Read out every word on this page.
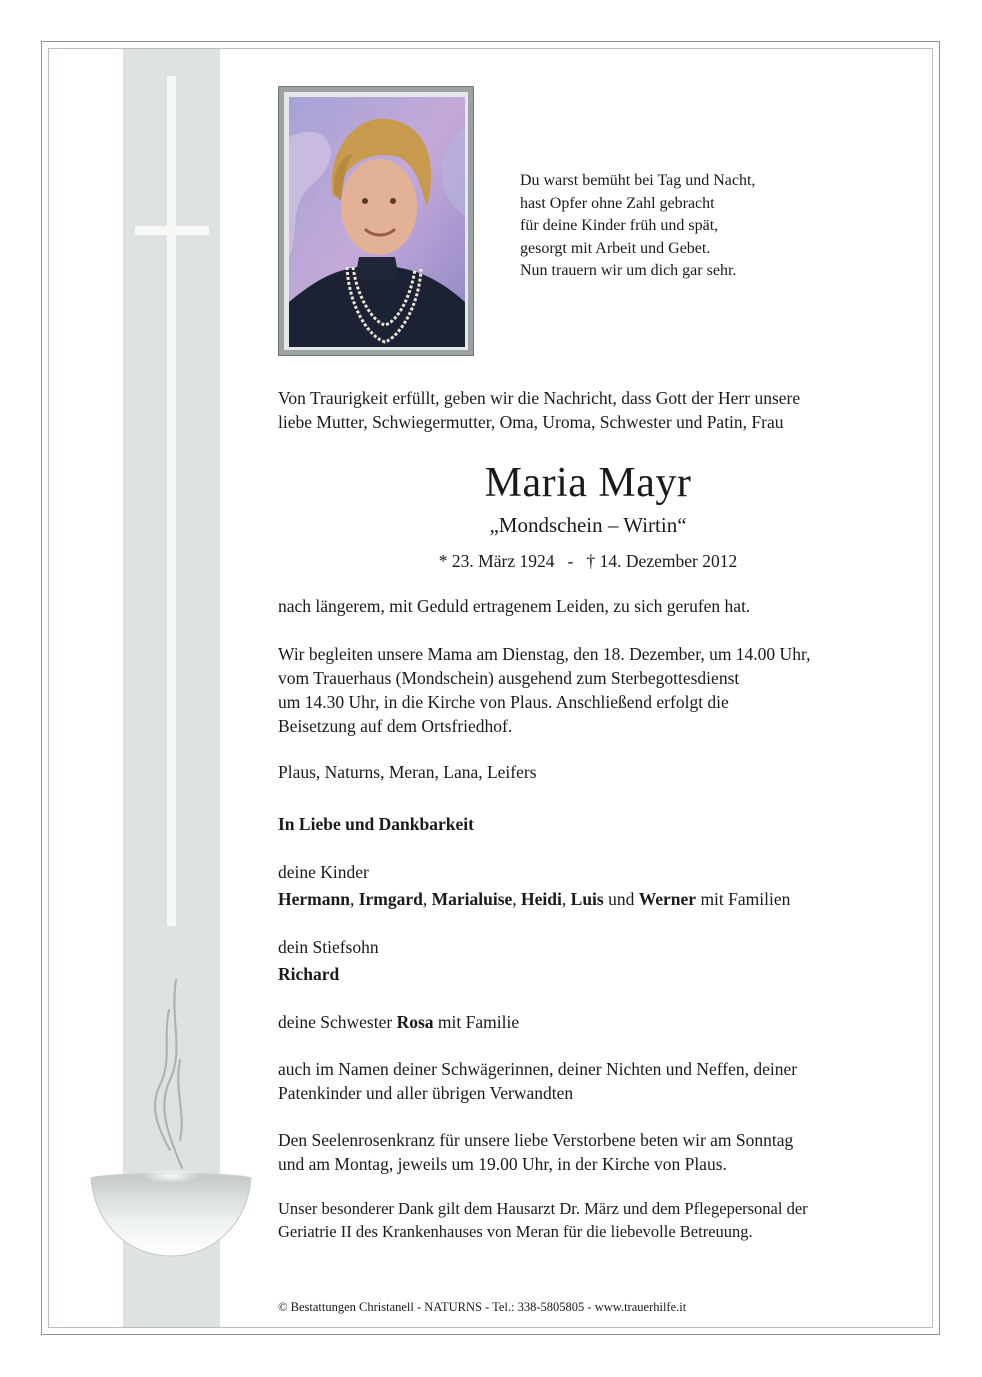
Du warst bemüht bei Tag und Nacht,
hast Opfer ohne Zahl gebracht
für deine Kinder früh und spät,
gesorgt mit Arbeit und Gebet.
Nun trauern wir um dich gar sehr.
Von Traurigkeit erfüllt, geben wir die Nachricht, dass Gott der Herr unsere
liebe Mutter, Schwiegermutter, Oma, Uroma, Schwester und Patin, Frau
Maria Mayr
„Mondschein – Wirtin“
* 23. März 1924   -   † 14. Dezember 2012
nach längerem, mit Geduld ertragenem Leiden, zu sich gerufen hat.
Wir begleiten unsere Mama am Dienstag, den 18. Dezember, um 14.00 Uhr,
vom Trauerhaus (Mondschein) ausgehend zum Sterbegottesdienst
um 14.30 Uhr, in die Kirche von Plaus. Anschließend erfolgt die
Beisetzung auf dem Ortsfriedhof.
Plaus, Naturns, Meran, Lana, Leifers
In Liebe und Dankbarkeit
deine Kinder
Hermann, Irmgard, Marialuise, Heidi, Luis und Werner mit Familien
dein Stiefsohn
Richard
deine Schwester Rosa mit Familie
auch im Namen deiner Schwägerinnen, deiner Nichten und Neffen, deiner
Patenkinder und aller übrigen Verwandten
Den Seelenrosenkranz für unsere liebe Verstorbene beten wir am Sonntag
und am Montag, jeweils um 19.00 Uhr, in der Kirche von Plaus.
Unser besonderer Dank gilt dem Hausarzt Dr. März und dem Pflegepersonal der
Geriatrie II des Krankenhauses von Meran für die liebevolle Betreuung.
© Bestattungen Christanell - NATURNS - Tel.: 338-5805805 - www.trauerhilfe.it
